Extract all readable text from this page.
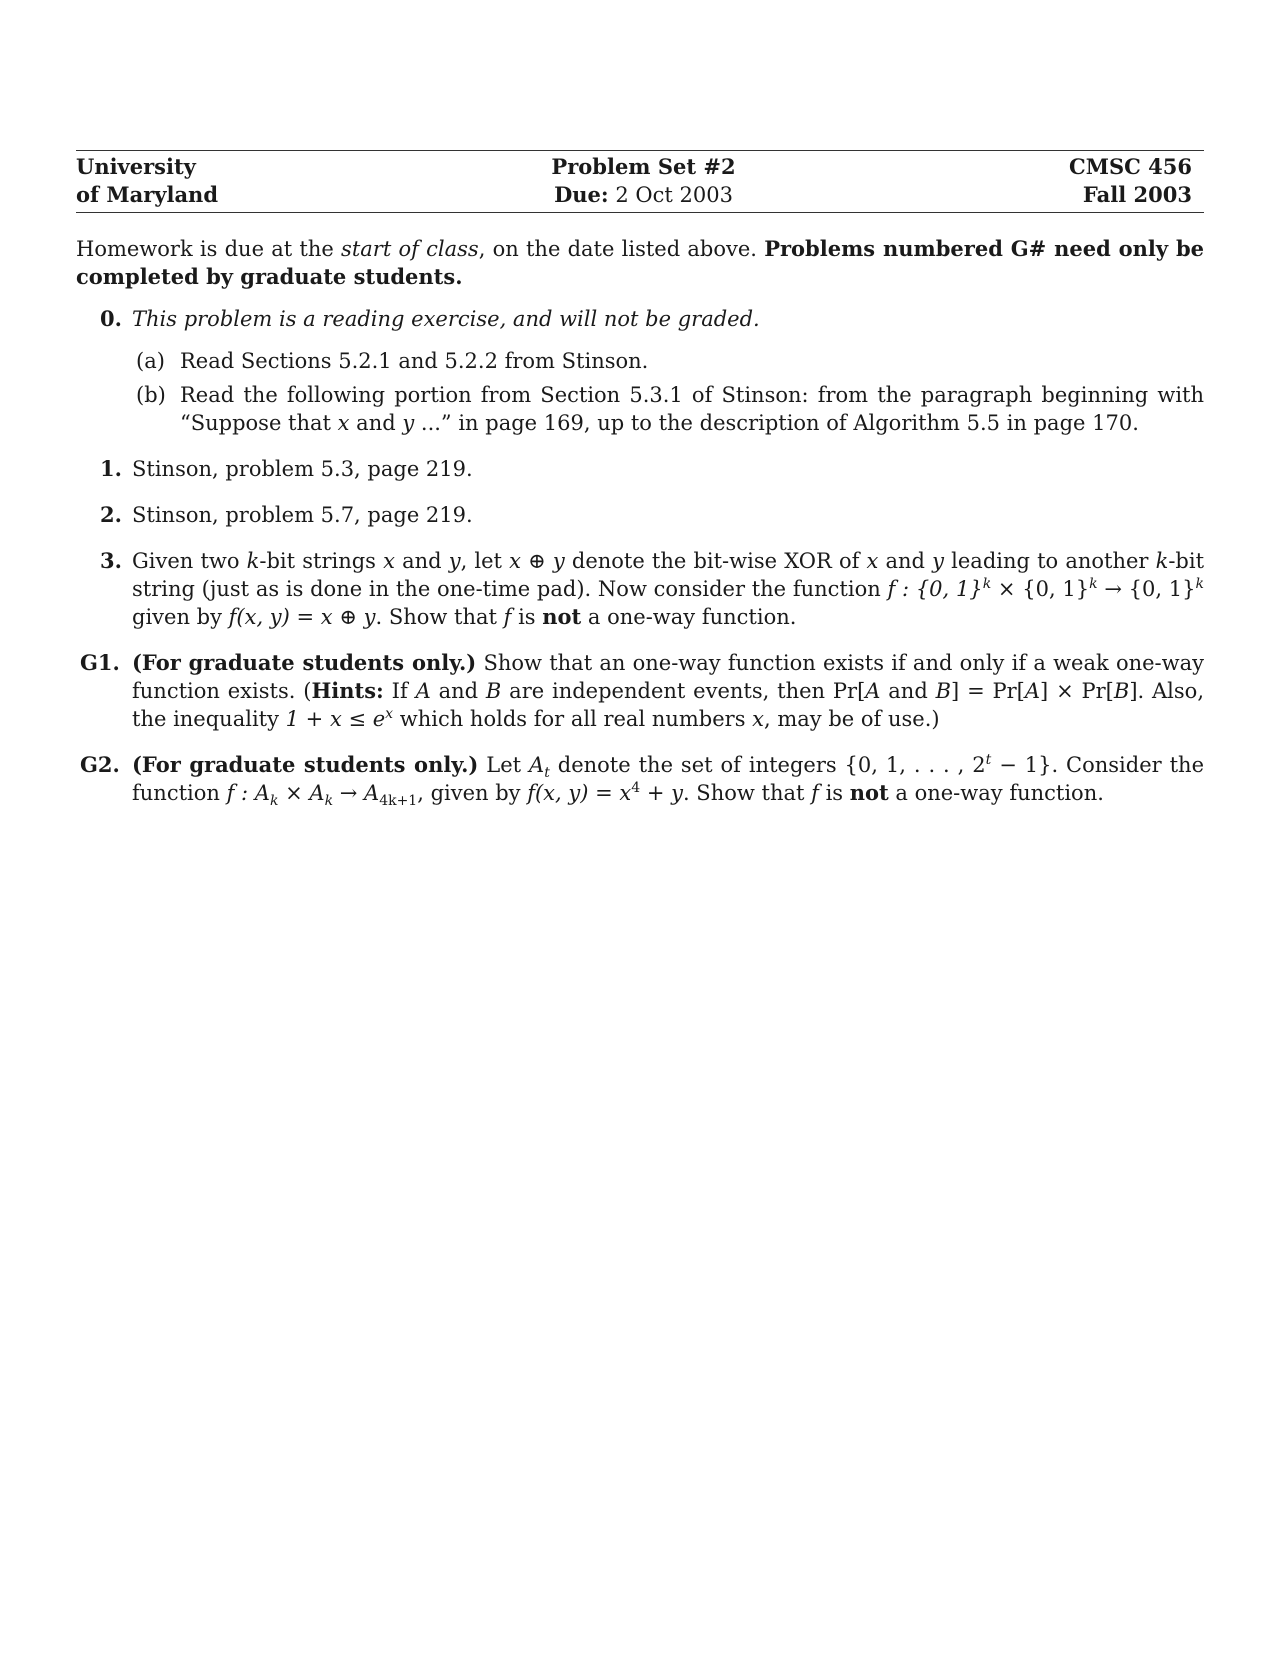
University
of Maryland
Problem Set #2
Due: 2 Oct 2003
CMSC 456
Fall 2003
Homework is due at the start of class, on the date listed above. Problems numbered G# need only be completed by graduate students.
0. This problem is a reading exercise, and will not be graded.
(a) Read Sections 5.2.1 and 5.2.2 from Stinson.
(b) Read the following portion from Section 5.3.1 of Stinson: from the paragraph beginning with “Suppose that x and y ...” in page 169, up to the description of Algorithm 5.5 in page 170.
1. Stinson, problem 5.3, page 219.
2. Stinson, problem 5.7, page 219.
3. Given two k-bit strings x and y, let x ⊕ y denote the bit-wise XOR of x and y leading to another k-bit string (just as is done in the one-time pad). Now consider the function f : {0, 1}$^k$ × {0, 1}$^k$ → {0, 1}$^k$ given by f(x, y) = x ⊕ y. Show that f is not a one-way function.
G1. (For graduate students only.) Show that an one-way function exists if and only if a weak one-way function exists. (Hints: If A and B are independent events, then Pr[A and B] = Pr[A] × Pr[B]. Also, the inequality $1 + x \le e^x$ which holds for all real numbers x, may be of use.)
G2. (For graduate students only.) Let $A_t$ denote the set of integers {0, 1, . . . , $2^t - 1$}. Consider the function f : $A_k \times A_k \to A_{4k+1}$, given by f(x, $y) = x^4 + y$. Show that f is not a one-way function.
